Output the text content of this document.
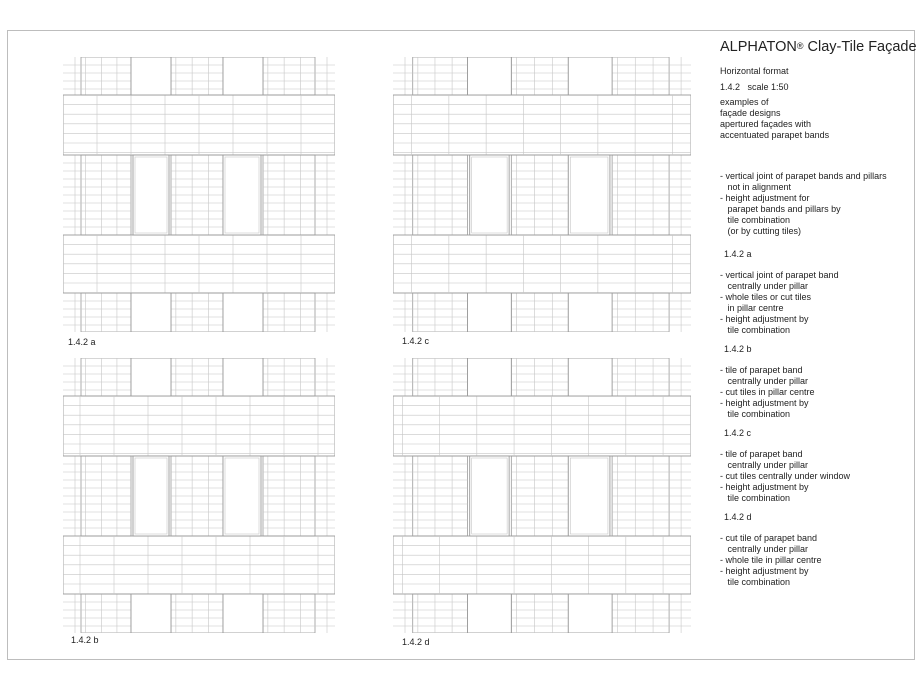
1.4.2 a	1.4.2 c
1.4.2 b	1.4.2 d
ALPHATON® Clay-Tile Façade
Horizontal format
1.4.2   scale 1:50
examples of
façade designs
apertured façades with
accentuated parapet bands
- vertical joint of parapet bands and pillars
not in alignment
- height adjustment for
parapet bands and pillars by
tile combination
(or by cutting tiles)
1.4.2 a
- vertical joint of parapet band
centrally under pillar
- whole tiles or cut tiles
in pillar centre
- height adjustment by
tile combination
1.4.2 b
- tile of parapet band
centrally under pillar
- cut tiles in pillar centre
- height adjustment by
tile combination
1.4.2 c
- tile of parapet band
centrally under pillar
- cut tiles centrally under window
- height adjustment by
tile combination
1.4.2 d
- cut tile of parapet band
centrally under pillar
- whole tile in pillar centre
- height adjustment by
tile combination
